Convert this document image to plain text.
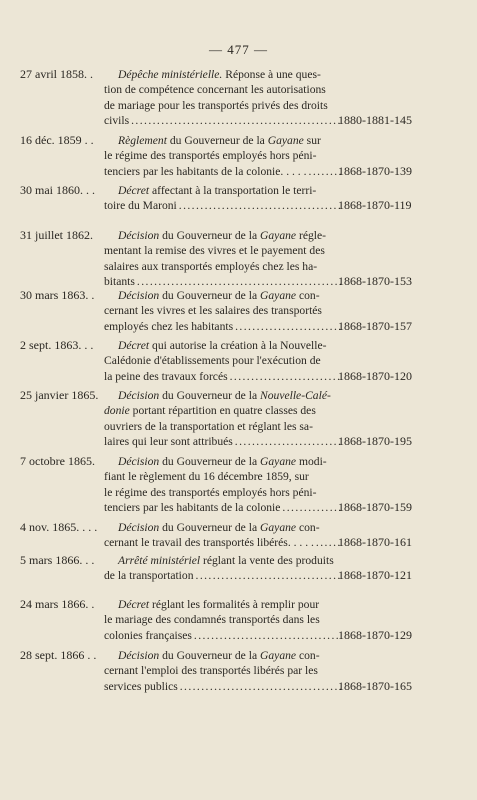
— 477 —
27 avril 1858. .	Dépêche ministérielle. Réponse à une ques-
tion de compétence concernant les autorisations
de mariage pour les transportés privés des droits
civils .....	1880-1881-145
16 déc. 1859 . .	Règlement du Gouverneur de la Gayane sur
le régime des transportés employés hors péni-
tenciers par les habitants de la colonie. . . . . .....	1868-1870-139
30 mai 1860. . .	Décret affectant à la transportation le terri-
toire du Maroni .....	1868-1870-119
31 juillet 1862.	Décision du Gouverneur de la Gayane régle-
mentant la remise des vivres et le payement des
salaires aux transportés employés chez les ha-
bitants .....	1868-1870-153
30 mars 1863. .	Décision du Gouverneur de la Gayane con-
cernant les vivres et les salaires des transportés
employés chez les habitants .....	1868-1870-157
2 sept. 1863. . .	Décret qui autorise la création à la Nouvelle-
Calédonie d'établissements pour l'exécution de
la peine des travaux forcés .....	1868-1870-120
25 janvier 1865.	Décision du Gouverneur de la Nouvelle-Calé-
donie portant répartition en quatre classes des
ouvriers de la transportation et réglant les sa-
laires qui leur sont attribués .....	1868-1870-195
7 octobre 1865.	Décision du Gouverneur de la Gayane modi-
fiant le règlement du 16 décembre 1859, sur
le régime des transportés employés hors péni-
tenciers par les habitants de la colonie .....	1868-1870-159
4 nov. 1865. . . .	Décision du Gouverneur de la Gayane con-
cernant le travail des transportés libérés. . . . . ..... 1868-1870-161
5 mars 1866. . .	Arrêté ministériel réglant la vente des produits
de la transportation .....	1868-1870-121
24 mars 1866. .	Décret réglant les formalités à remplir pour
le mariage des condamnés transportés dans les
colonies françaises .....	1868-1870-129
28 sept. 1866 . .	Décision du Gouverneur de la Gayane con-
cernant l'emploi des transportés libérés par les
services publics .....	1868-1870-165
